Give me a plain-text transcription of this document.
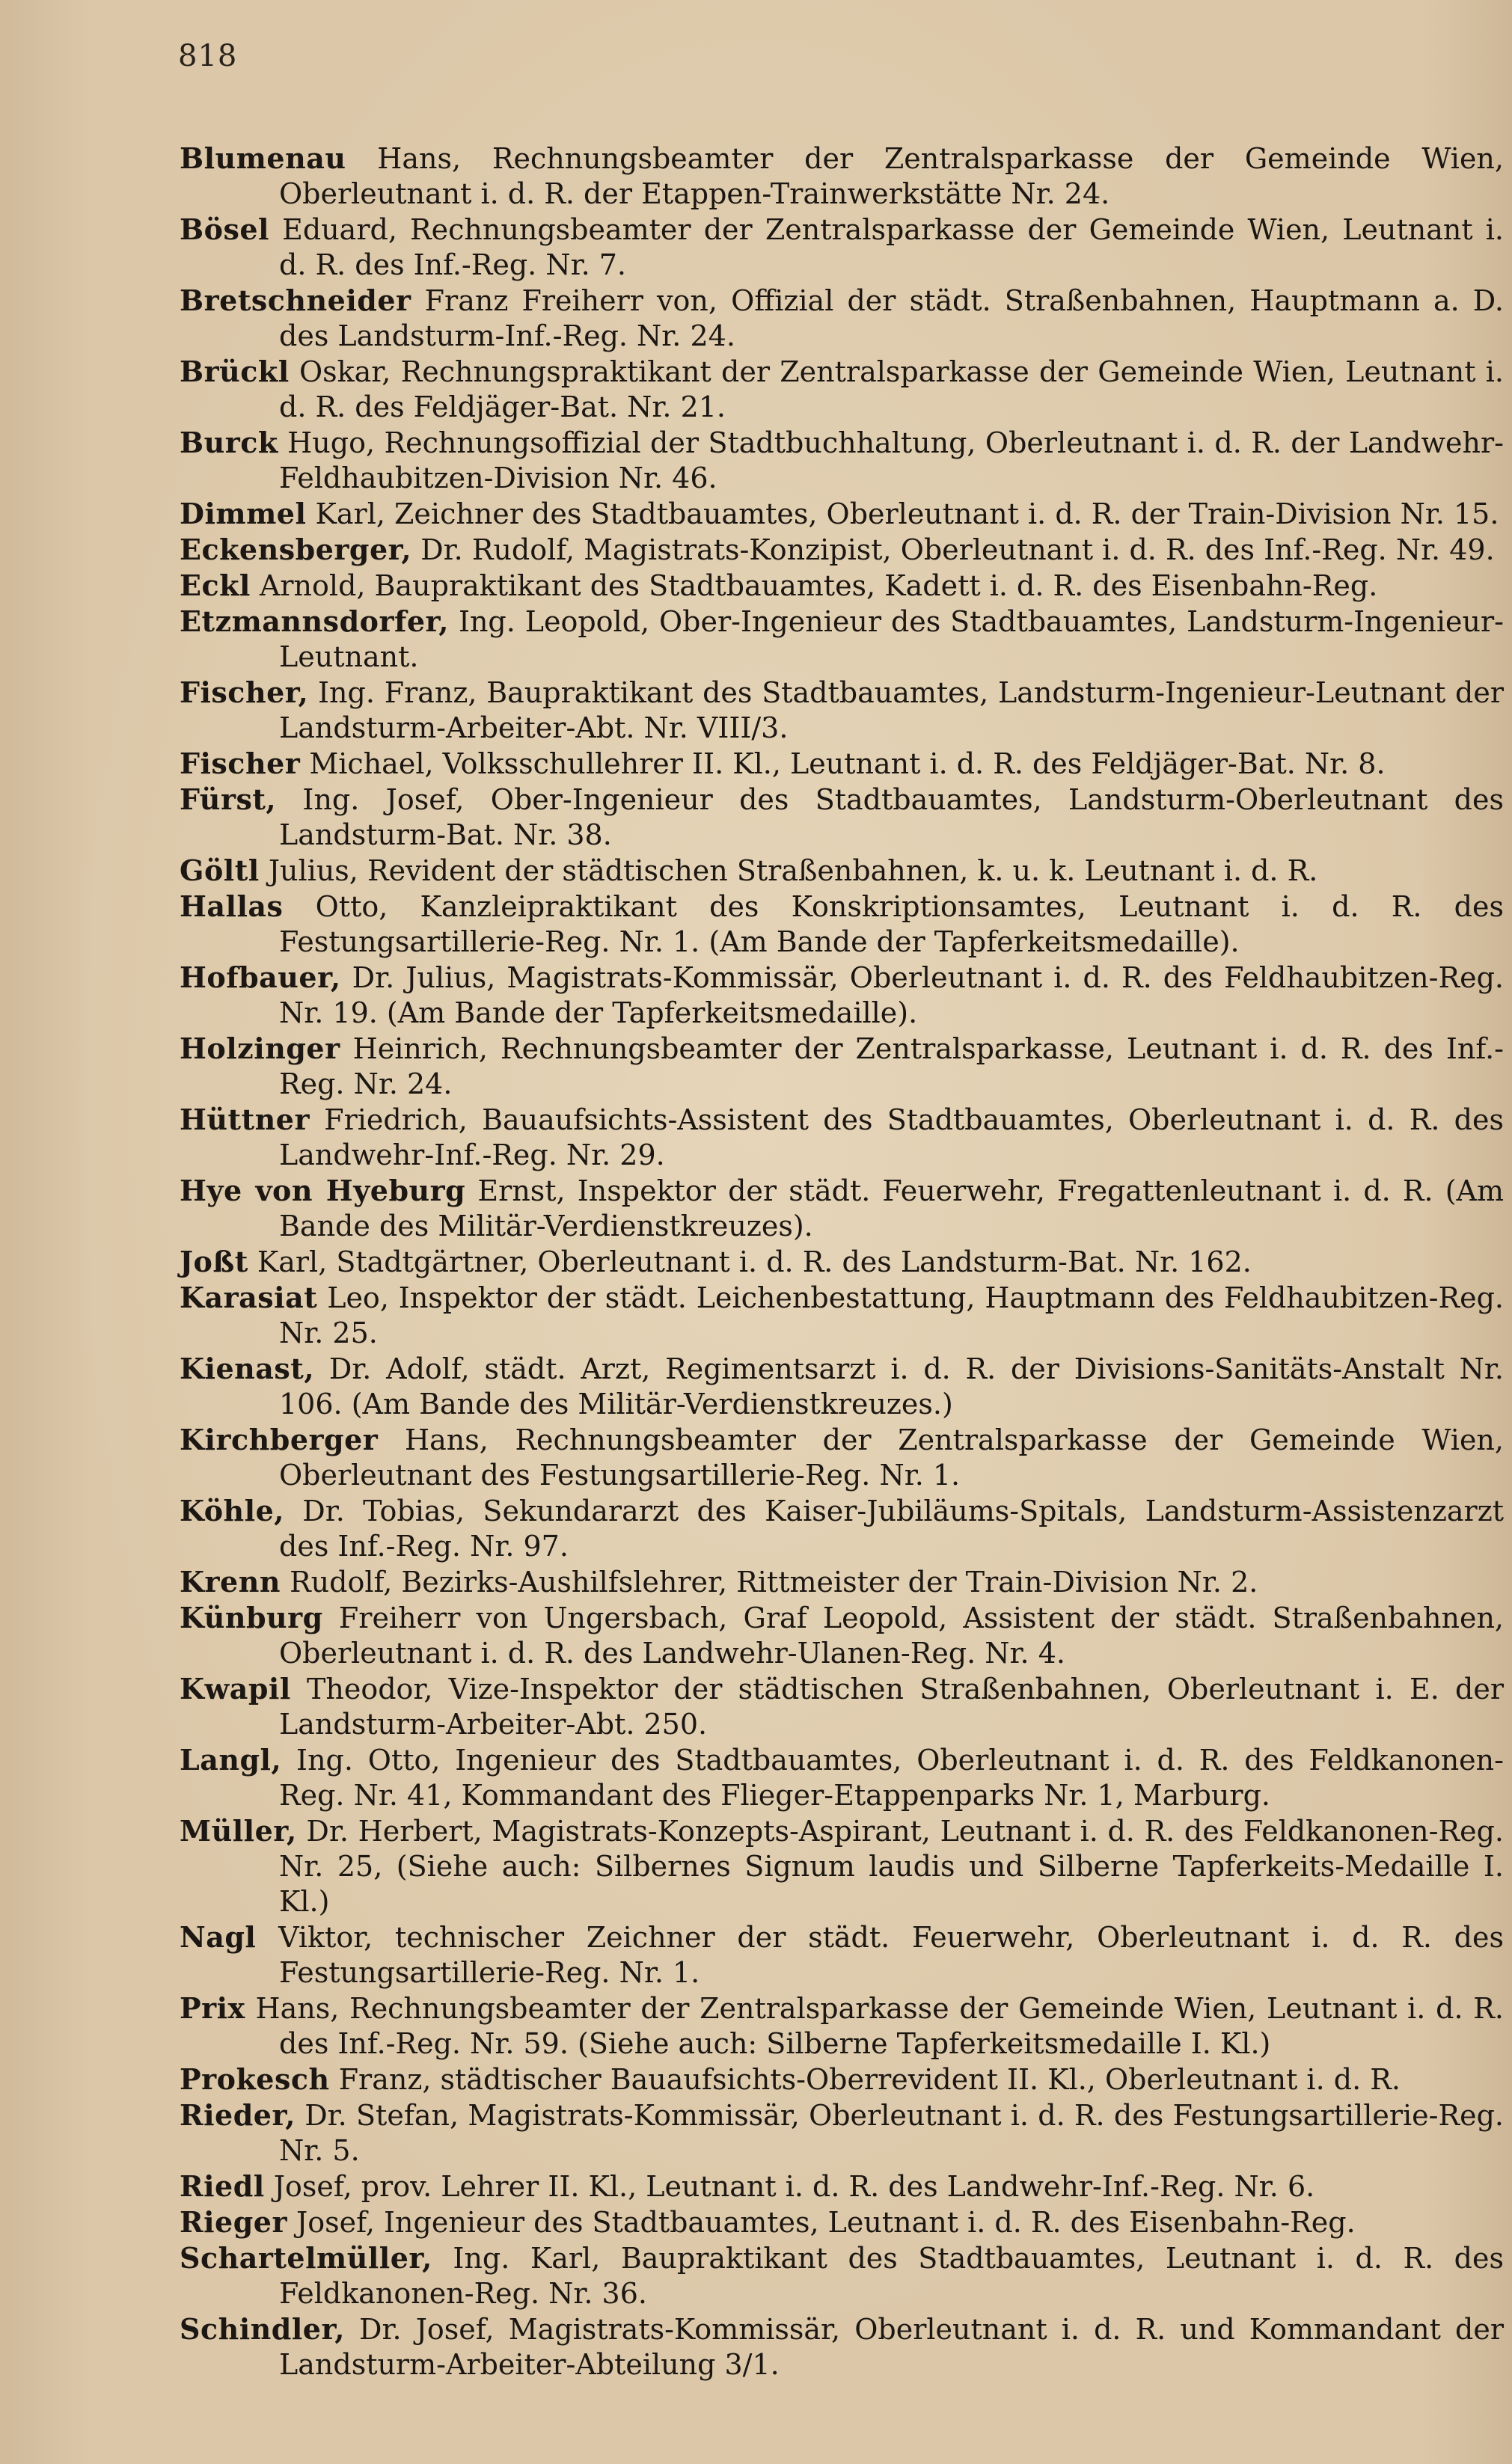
818
Blumenau Hans, Rechnungsbeamter der Zentralsparkasse der Gemeinde Wien, Oberleutnant i. d. R. der Etappen-Trainwerkstätte Nr. 24.
Bösel Eduard, Rechnungsbeamter der Zentralsparkasse der Gemeinde Wien, Leutnant i. d. R. des Inf.-Reg. Nr. 7.
Bretschneider Franz Freiherr von, Offizial der städt. Straßenbahnen, Hauptmann a. D. des Landsturm-Inf.-Reg. Nr. 24.
Brückl Oskar, Rechnungspraktikant der Zentralsparkasse der Gemeinde Wien, Leutnant i. d. R. des Feldjäger-Bat. Nr. 21.
Burck Hugo, Rechnungsoffizial der Stadtbuchhaltung, Oberleutnant i. d. R. der Landwehr-Feldhaubitzen-Division Nr. 46.
Dimmel Karl, Zeichner des Stadtbauamtes, Oberleutnant i. d. R. der Train-Division Nr. 15.
Eckensberger, Dr. Rudolf, Magistrats-Konzipist, Oberleutnant i. d. R. des Inf.-Reg. Nr. 49.
Eckl Arnold, Baupraktikant des Stadtbauamtes, Kadett i. d. R. des Eisenbahn-Reg.
Etzmannsdorfer, Ing. Leopold, Ober-Ingenieur des Stadtbauamtes, Landsturm-Ingenieur-Leutnant.
Fischer, Ing. Franz, Baupraktikant des Stadtbauamtes, Landsturm-Ingenieur-Leutnant der Landsturm-Arbeiter-Abt. Nr. VIII/3.
Fischer Michael, Volksschullehrer II. Kl., Leutnant i. d. R. des Feldjäger-Bat. Nr. 8.
Fürst, Ing. Josef, Ober-Ingenieur des Stadtbauamtes, Landsturm-Oberleutnant des Landsturm-Bat. Nr. 38.
Göltl Julius, Revident der städtischen Straßenbahnen, k. u. k. Leutnant i. d. R.
Hallas Otto, Kanzleipraktikant des Konskriptionsamtes, Leutnant i. d. R. des Festungsartillerie-Reg. Nr. 1. (Am Bande der Tapferkeitsmedaille).
Hofbauer, Dr. Julius, Magistrats-Kommissär, Oberleutnant i. d. R. des Feldhaubitzen-Reg. Nr. 19. (Am Bande der Tapferkeitsmedaille).
Holzinger Heinrich, Rechnungsbeamter der Zentralsparkasse, Leutnant i. d. R. des Inf.-Reg. Nr. 24.
Hüttner Friedrich, Bauaufsichts-Assistent des Stadtbauamtes, Oberleutnant i. d. R. des Landwehr-Inf.-Reg. Nr. 29.
Hye von Hyeburg Ernst, Inspektor der städt. Feuerwehr, Fregattenleutnant i. d. R. (Am Bande des Militär-Verdienstkreuzes).
Joßt Karl, Stadtgärtner, Oberleutnant i. d. R. des Landsturm-Bat. Nr. 162.
Karasiat Leo, Inspektor der städt. Leichenbestattung, Hauptmann des Feldhaubitzen-Reg. Nr. 25.
Kienast, Dr. Adolf, städt. Arzt, Regimentsarzt i. d. R. der Divisions-Sanitäts-Anstalt Nr. 106. (Am Bande des Militär-Verdienstkreuzes.)
Kirchberger Hans, Rechnungsbeamter der Zentralsparkasse der Gemeinde Wien, Oberleutnant des Festungsartillerie-Reg. Nr. 1.
Köhle, Dr. Tobias, Sekundararzt des Kaiser-Jubiläums-Spitals, Landsturm-Assistenzarzt des Inf.-Reg. Nr. 97.
Krenn Rudolf, Bezirks-Aushilfslehrer, Rittmeister der Train-Division Nr. 2.
Künburg Freiherr von Ungersbach, Graf Leopold, Assistent der städt. Straßenbahnen, Oberleutnant i. d. R. des Landwehr-Ulanen-Reg. Nr. 4.
Kwapil Theodor, Vize-Inspektor der städtischen Straßenbahnen, Oberleutnant i. E. der Landsturm-Arbeiter-Abt. 250.
Langl, Ing. Otto, Ingenieur des Stadtbauamtes, Oberleutnant i. d. R. des Feldkanonen-Reg. Nr. 41, Kommandant des Flieger-Etappenparks Nr. 1, Marburg.
Müller, Dr. Herbert, Magistrats-Konzepts-Aspirant, Leutnant i. d. R. des Feldkanonen-Reg. Nr. 25, (Siehe auch: Silbernes Signum laudis und Silberne Tapferkeits-Medaille I. Kl.)
Nagl Viktor, technischer Zeichner der städt. Feuerwehr, Oberleutnant i. d. R. des Festungsartillerie-Reg. Nr. 1.
Prix Hans, Rechnungsbeamter der Zentralsparkasse der Gemeinde Wien, Leutnant i. d. R. des Inf.-Reg. Nr. 59. (Siehe auch: Silberne Tapferkeitsmedaille I. Kl.)
Prokesch Franz, städtischer Bauaufsichts-Oberrevident II. Kl., Oberleutnant i. d. R.
Rieder, Dr. Stefan, Magistrats-Kommissär, Oberleutnant i. d. R. des Festungsartillerie-Reg. Nr. 5.
Riedl Josef, prov. Lehrer II. Kl., Leutnant i. d. R. des Landwehr-Inf.-Reg. Nr. 6.
Rieger Josef, Ingenieur des Stadtbauamtes, Leutnant i. d. R. des Eisenbahn-Reg.
Schartelmüller, Ing. Karl, Baupraktikant des Stadtbauamtes, Leutnant i. d. R. des Feldkanonen-Reg. Nr. 36.
Schindler, Dr. Josef, Magistrats-Kommissär, Oberleutnant i. d. R. und Kommandant der Landsturm-Arbeiter-Abteilung 3/1.
